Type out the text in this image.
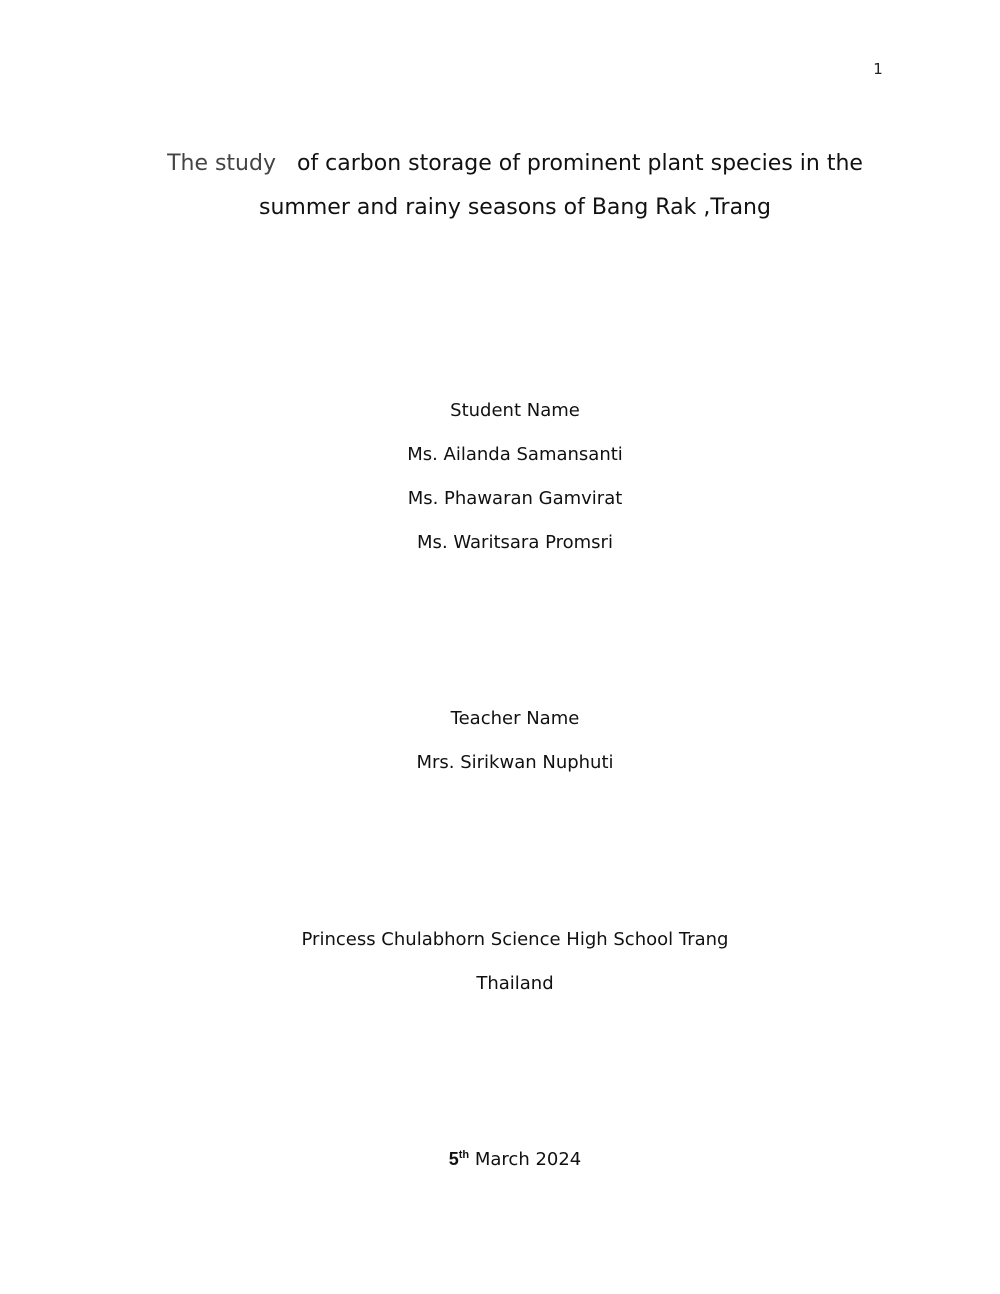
1
The study of carbon storage of prominent plant species in the
summer and rainy seasons of Bang Rak ,Trang
Student Name
Ms. Ailanda Samansanti
Ms. Phawaran Gamvirat
Ms. Waritsara Promsri
Teacher Name
Mrs. Sirikwan Nuphuti
Princess Chulabhorn Science High School Trang
Thailand
5th March 2024
